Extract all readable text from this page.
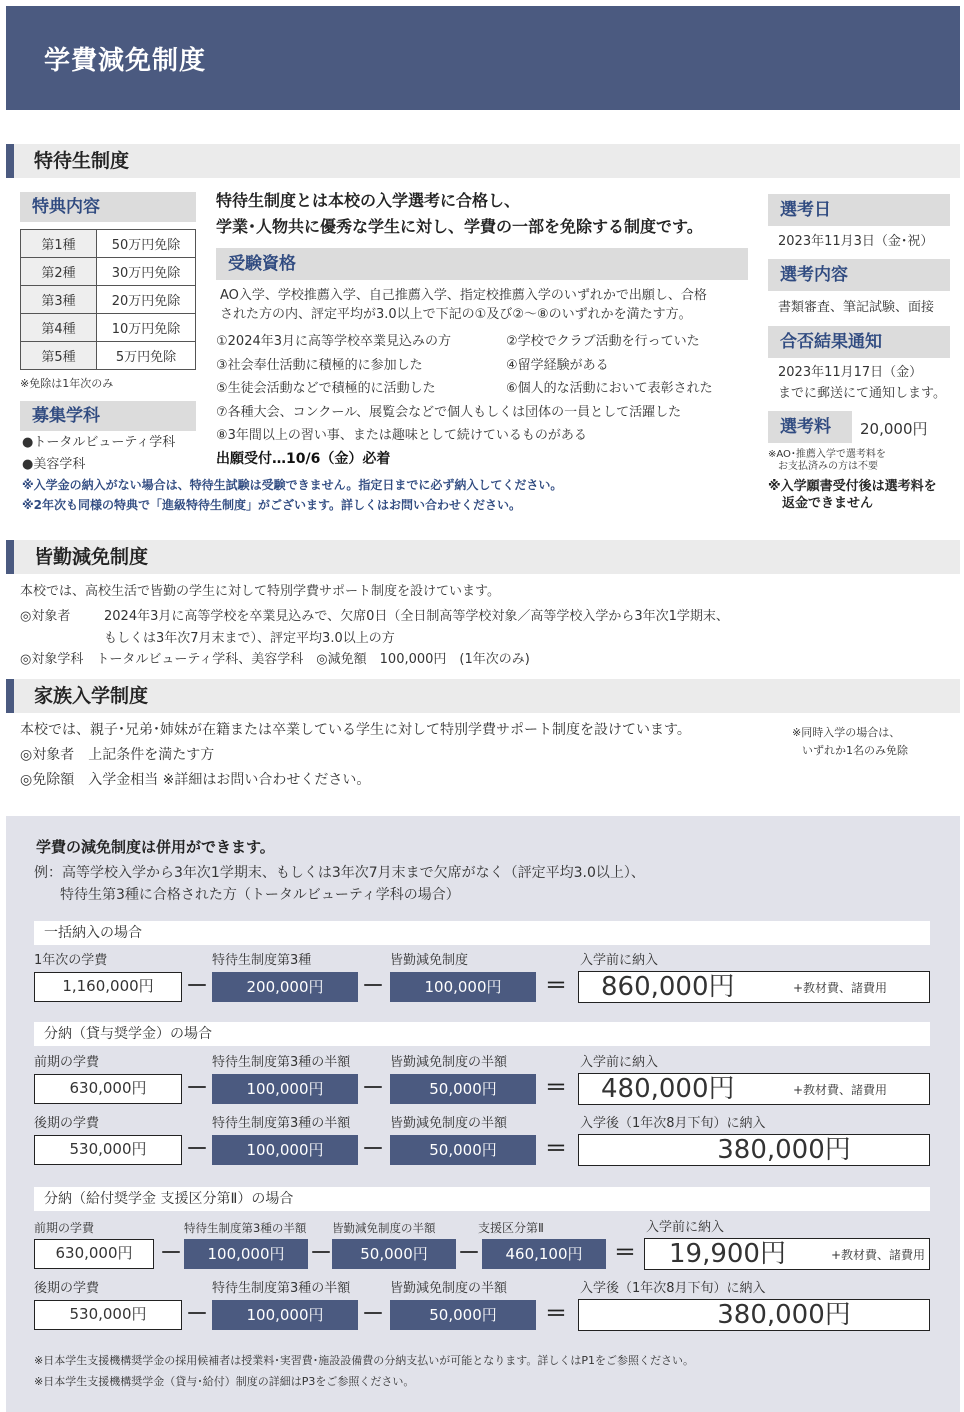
学費減免制度
特待生制度
特典内容
第1種	50万円免除
第2種	30万円免除
第3種	20万円免除
第4種	10万円免除
第5種	5万円免除
※免除は1年次のみ
募集学科
●トータルビューティ学科
●美容学科
特待生制度とは本校の入学選考に合格し、
学業･人物共に優秀な学生に対し、学費の一部を免除する制度です。
受験資格
AO入学、学校推薦入学、自己推薦入学、指定校推薦入学のいずれかで出願し、合格
された方の内、評定平均が3.0以上で下記の①及び②～⑧のいずれかを満たす方。
①2024年3月に高等学校卒業見込みの方	②学校でクラブ活動を行っていた
③社会奉仕活動に積極的に参加した	④留学経験がある
⑤生徒会活動などで積極的に活動した	⑥個人的な活動において表彰された
⑦各種大会、コンクール、展覧会などで個人もしくは団体の一員として活躍した
⑧3年間以上の習い事、または趣味として続けているものがある
出願受付…10/6（金）必着
※入学金の納入がない場合は、特待生試験は受験できません。指定日までに必ず納入してください。
※2年次も同様の特典で「進級特待生制度」がございます。詳しくはお問い合わせください。
選考日
2023年11月3日（金･祝）
選考内容
書類審査、筆記試験、面接
合否結果通知
2023年11月17日（金）
までに郵送にて通知します。
選考料	20,000円
※AO･推薦入学で選考料を
お支払済みの方は不要
※入学願書受付後は選考料を
返金できません
皆勤減免制度
本校では、高校生活で皆勤の学生に対して特別学費サポート制度を設けています。
◎対象者	2024年3月に高等学校を卒業見込みで、欠席0日（全日制高等学校対象／高等学校入学から3年次1学期末、
もしくは3年次7月末まで）、評定平均3.0以上の方
◎対象学科　トータルビューティ学科、美容学科　◎減免額　100,000円　(1年次のみ)
家族入学制度
本校では、親子･兄弟･姉妹が在籍または卒業している学生に対して特別学費サポート制度を設けています。
◎対象者　上記条件を満たす方
◎免除額　入学金相当 ※詳細はお問い合わせください。
※同時入学の場合は、
いずれか1名のみ免除
学費の減免制度は併用ができます。
例：高等学校入学から3年次1学期末、もしくは3年次7月末まで欠席がなく（評定平均3.0以上）、
特待生第3種に合格された方（トータルビューティ学科の場合）
一括納入の場合
1年次の学費	特待生制度第3種	皆勤減免制度	入学前に納入
1,160,000円	－	200,000円	－	100,000円	＝ 860,000円	+教材費、諸費用
分納（貸与奨学金）の場合
前期の学費	特待生制度第3種の半額	皆勤減免制度の半額	入学前に納入
630,000円	－	100,000円	－	50,000円	＝ 480,000円	+教材費、諸費用
後期の学費	特待生制度第3種の半額	皆勤減免制度の半額	入学後（1年次8月下旬）に納入
530,000円	－	100,000円	－	50,000円	＝	380,000円
分納（給付奨学金 支援区分第Ⅱ）の場合
前期の学費	特待生制度第3種の半額 皆勤減免制度の半額	支援区分第Ⅱ	入学前に納入
630,000円	－	100,000円	－	50,000円	－	460,100円	＝ 19,900円	+教材費、諸費用
後期の学費	特待生制度第3種の半額	皆勤減免制度の半額	入学後（1年次8月下旬）に納入
530,000円	－	100,000円	－	50,000円	＝	380,000円
※日本学生支援機構奨学金の採用候補者は授業料･実習費･施設設備費の分納支払いが可能となります。詳しくはP1をご参照ください。
※日本学生支援機構奨学金（貸与･給付）制度の詳細はP3をご参照ください。
